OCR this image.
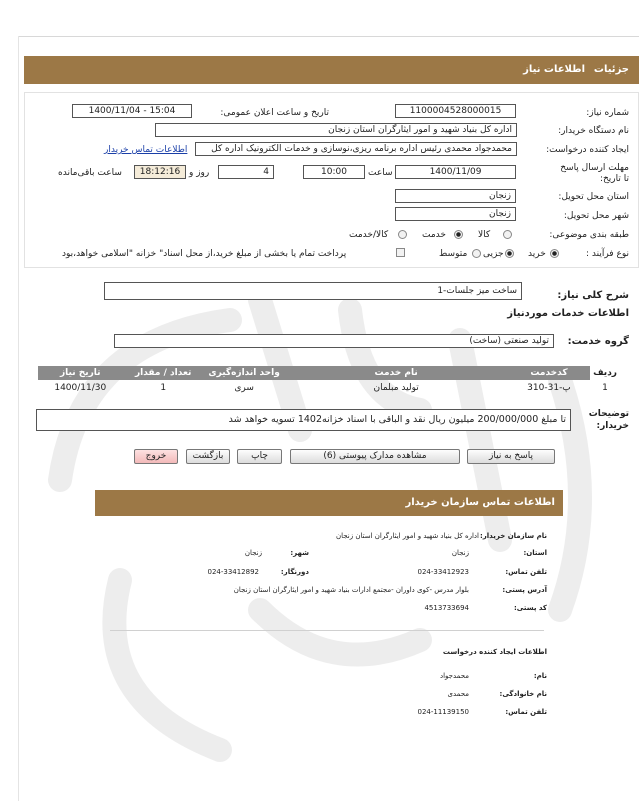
جزئیات
اطلاعات نیاز
شماره نیاز:
1100004528000015
تاریخ و ساعت اعلان عمومی:
1400/11/04 - 15:04
نام دستگاه خریدار:
اداره کل بنیاد شهید و امور ایثارگران استان زنجان
ایجاد کننده درخواست:
محمدجواد محمدی رئیس اداره برنامه ریزی،نوسازی و خدمات الکترونیک اداره کل
اطلاعات تماس خریدار
مهلت ارسال پاسخ تا تاریخ:
1400/11/09
ساعت
10:00
4
روز و
18:12:16
ساعت باقی‌مانده
استان محل تحویل:
زنجان
شهر محل تحویل:
زنجان
طبقه بندی موضوعی:
کالا
خدمت
کالا/خدمت
نوع فرآیند :
خرید
جزیی
متوسط
پرداخت تمام یا بخشی از مبلغ خرید،از محل اسناد" خزانه "اسلامی خواهد،بود
شرح کلی نیاز:
ساخت میز جلسات-1
اطلاعات خدمات موردنیاز
گروه خدمت:
تولید صنعتی (ساخت)
ردیف	کدخدمت	نام خدمت	واحد اندازه‌گیری	تعداد / مقدار	تاریخ نیاز
1	پ-31-310	تولید مبلمان	سری	1	1400/11/30
توضیحات خریدار:
تا مبلغ 200/000/000 میلیون ریال نقد و الباقی با اسناد خزانه1402 تسویه خواهد شد
پاسخ به نیاز
مشاهده مدارک پیوستی (6)
چاپ
بازگشت
خروج
اطلاعات تماس سازمان خریدار
نام سازمان خریدار:
اداره کل بنیاد شهید و امور ایثارگران استان زنجان
استان:
زنجان
شهر:
زنجان
تلفن تماس:
024-33412923
دورنگار:
024-33412892
آدرس پستی:
بلوار مدرس -کوی داوران -مجتمع ادارات بنیاد شهید و امور ایثارگران استان زنجان
کد پستی:
4513733694
اطلاعات ایجاد کننده درخواست
نام:
محمدجواد
نام خانوادگی:
محمدی
تلفن تماس:
024-11139150
